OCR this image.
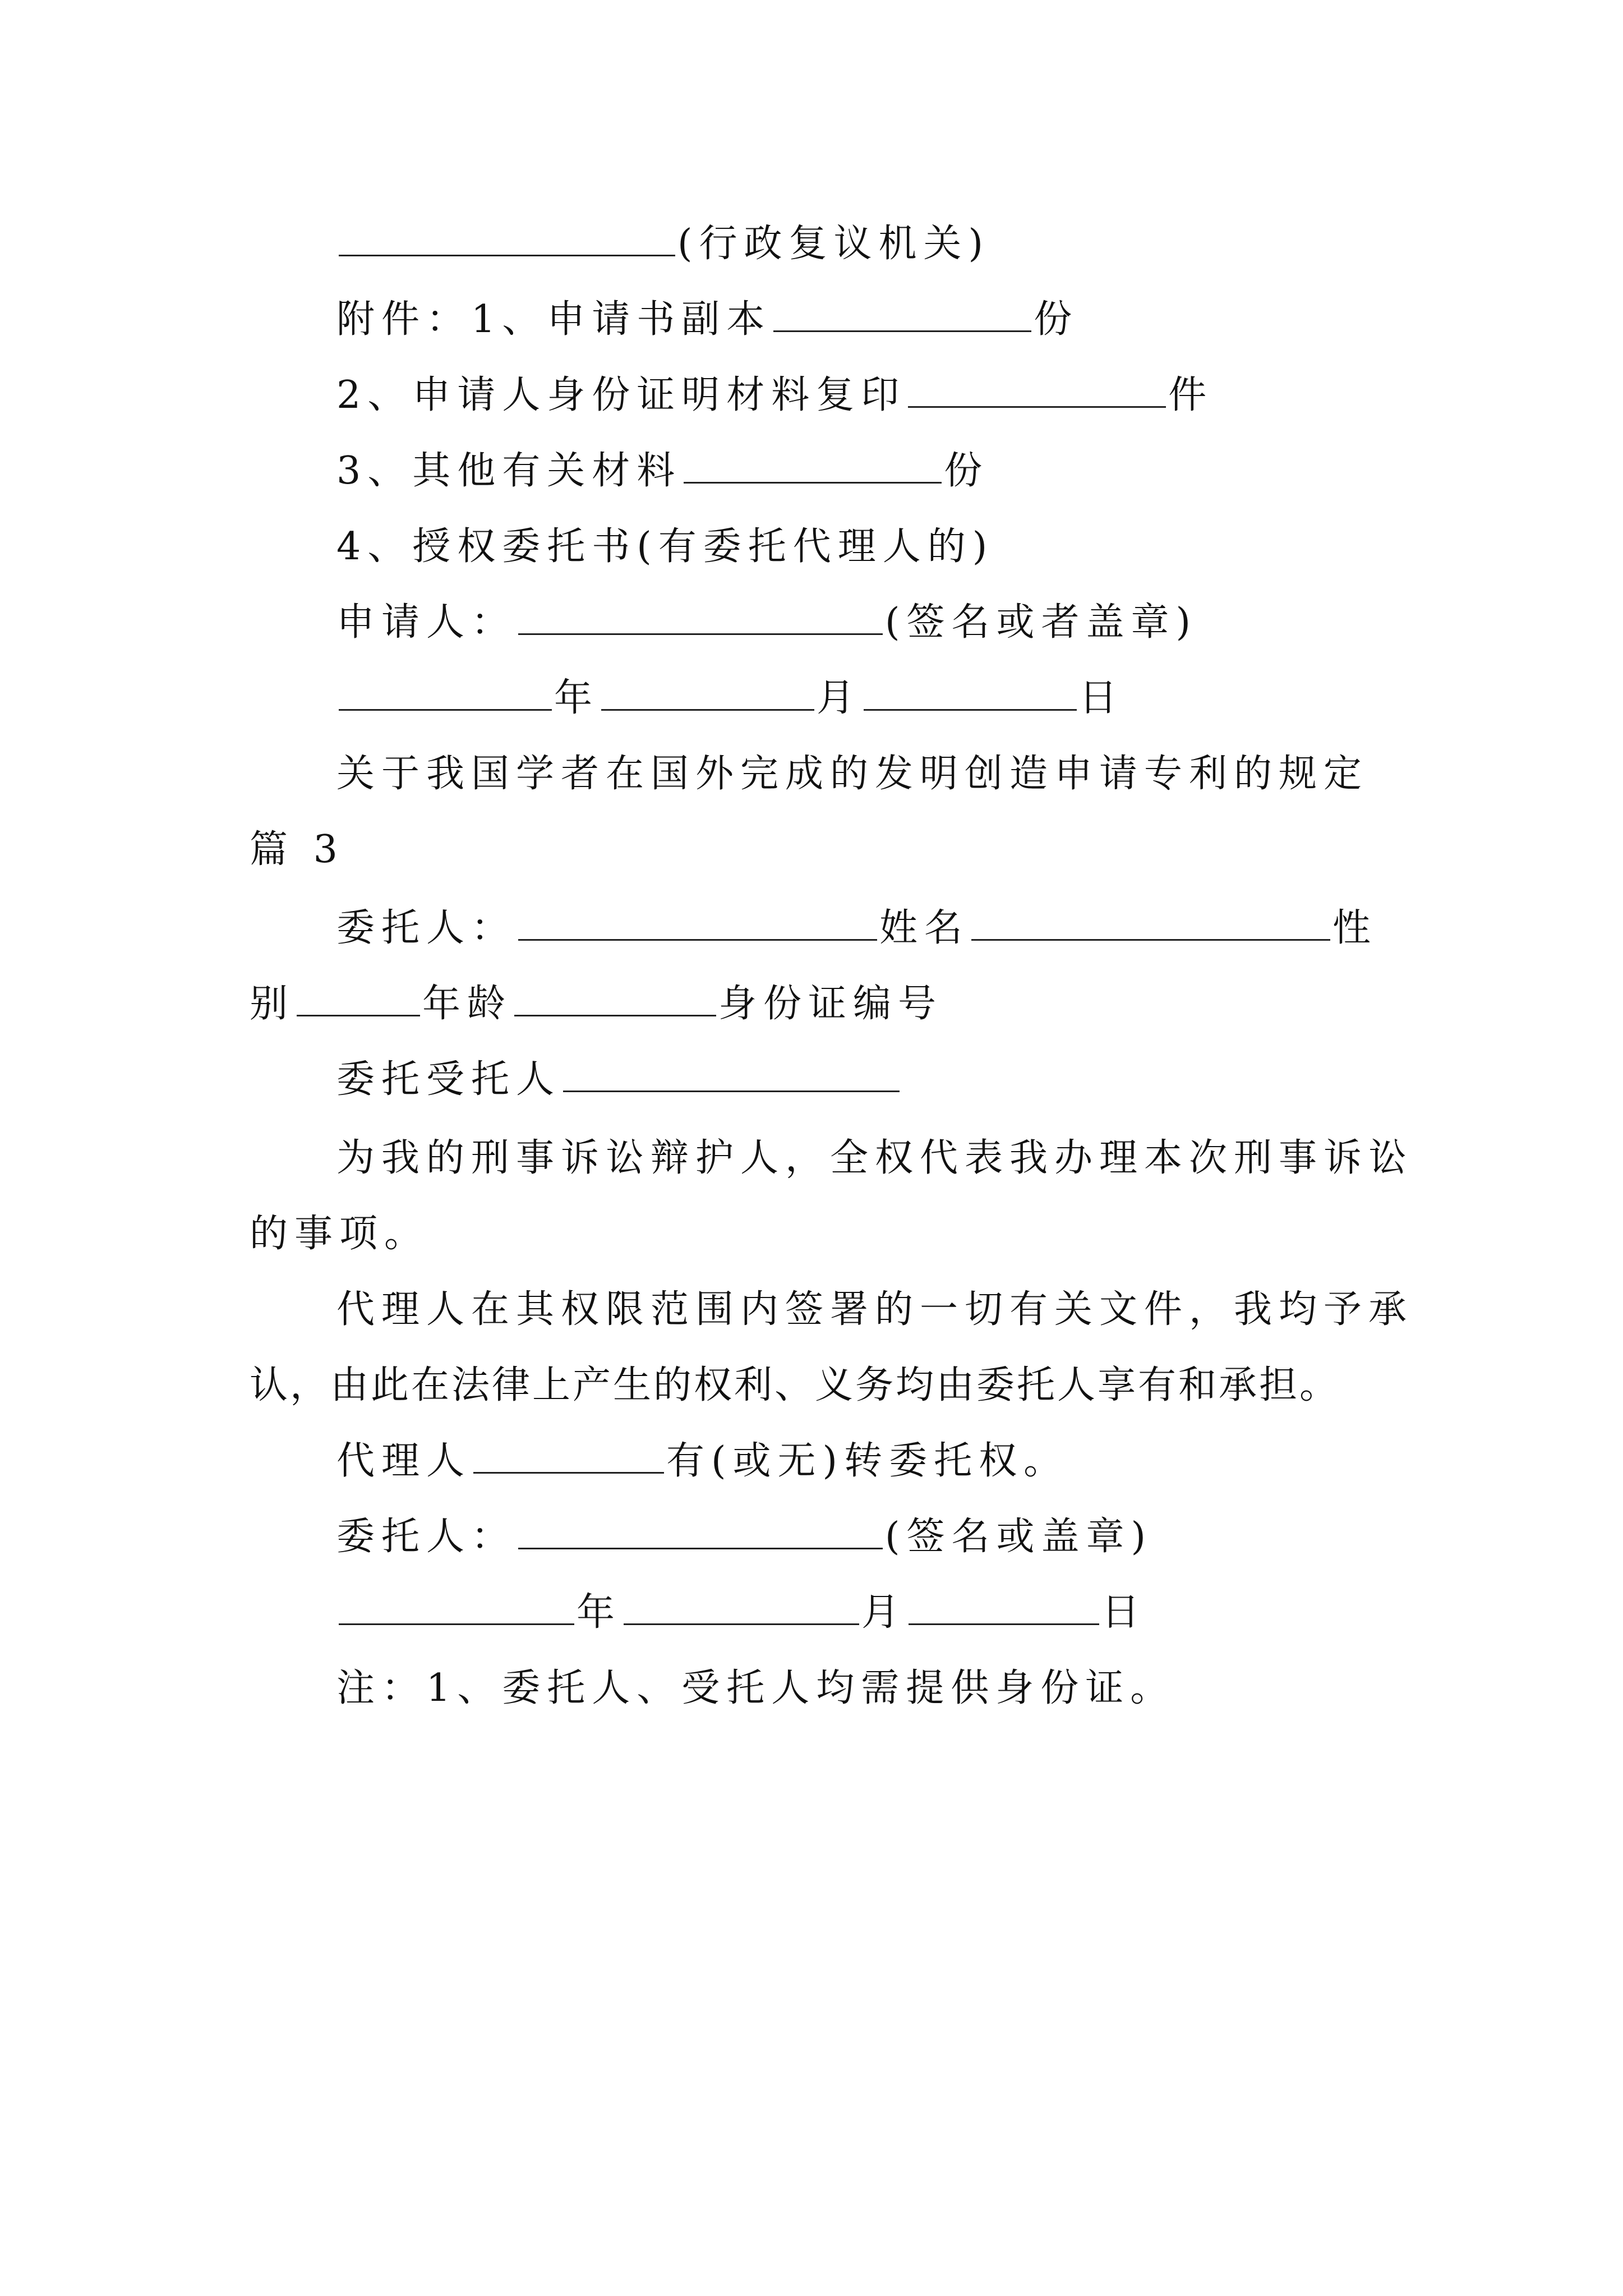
(行政复议机关)
附件：1、申请书副本	份
2、申请人身份证明材料复印	件
3、其他有关材料	份
4、授权委托书(有委托代理人的)
申请人：	(签名或者盖章)
年	月	日
关于我国学者在国外完成的发明创造申请专利的规定
篇 3
委托人：	姓名	性
别	年龄	身份证编号
委托受托人
为我的刑事诉讼辩护人，全权代表我办理本次刑事诉讼
的事项。
代理人在其权限范围内签署的一切有关文件，我均予承
认，由此在法律上产生的权利、义务均由委托人享有和承担。
代理人	有(或无)转委托权。
委托人：	(签名或盖章)
年	月	日
注：1、委托人、受托人均需提供身份证。
